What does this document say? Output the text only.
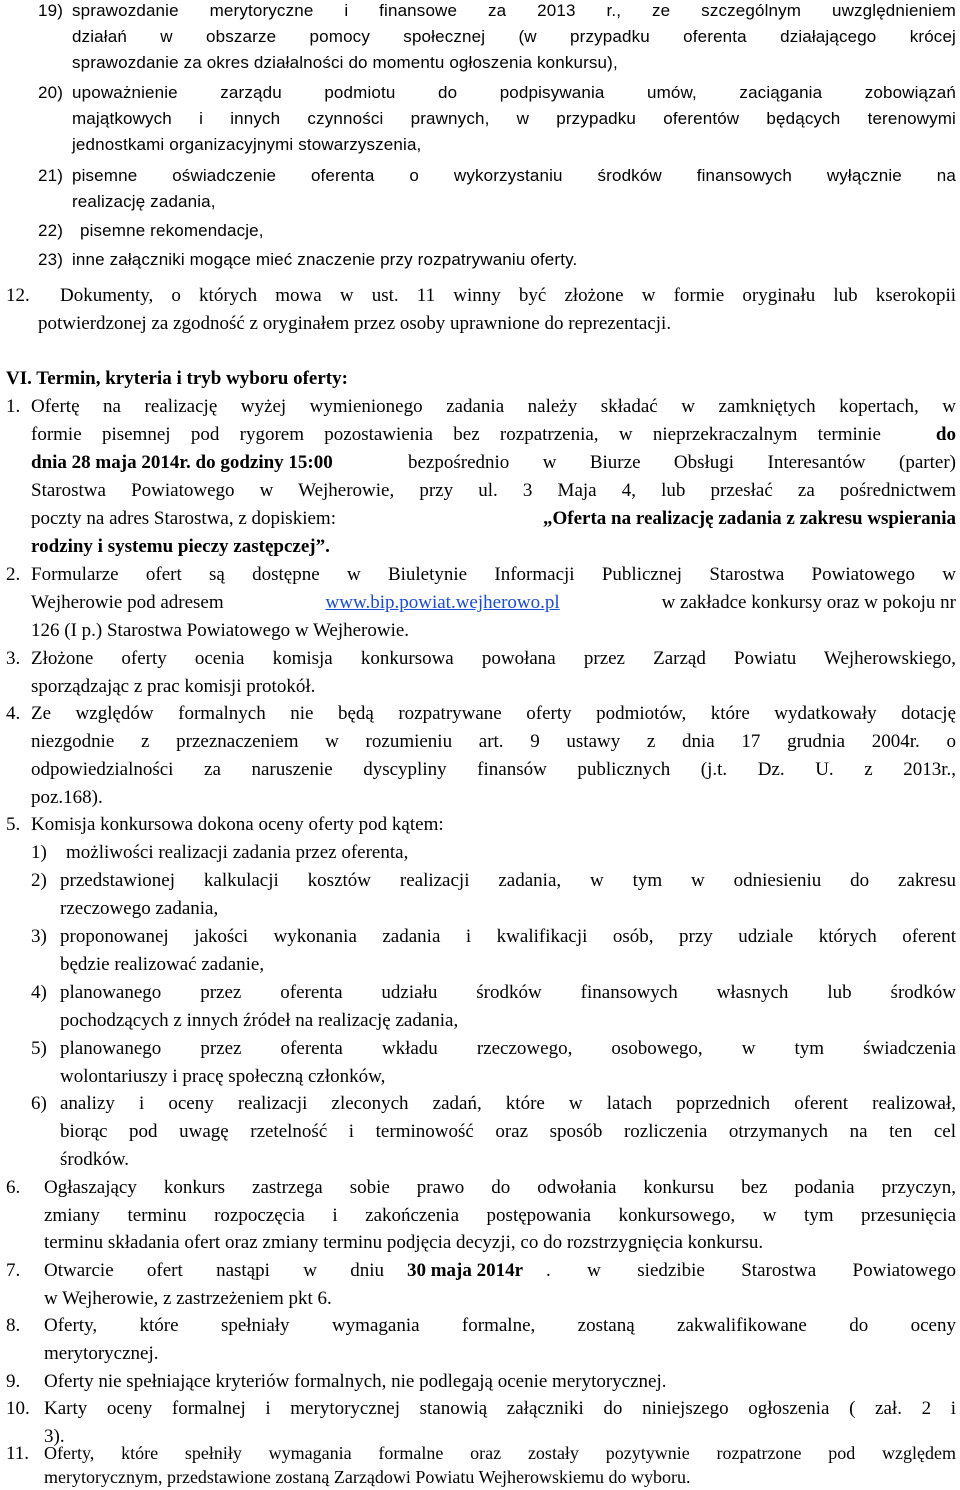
19) sprawozdanie merytoryczne i finansowe za 2013 r., ze szczególnym uwzględnieniem
działań w obszarze pomocy społecznej (w przypadku oferenta działającego krócej
sprawozdanie za okres działalności do momentu ogłoszenia konkursu),
20) upoważnienie zarządu podmiotu do podpisywania umów, zaciągania zobowiązań
majątkowych i innych czynności prawnych, w przypadku oferentów będących terenowymi
jednostkami organizacyjnymi stowarzyszenia,
21) pisemne oświadczenie oferenta o wykorzystaniu środków finansowych wyłącznie na
realizację zadania,
22) pisemne rekomendacje,
23) inne załączniki mogące mieć znaczenie przy rozpatrywaniu oferty.
12. Dokumenty, o których mowa w ust. 11 winny być złożone w formie oryginału lub kserokopii
potwierdzonej za zgodność z oryginałem przez osoby uprawnione do reprezentacji.
VI. Termin, kryteria i tryb wyboru oferty:
1. Ofertę na realizację wyżej wymienionego zadania należy składać w zamkniętych kopertach, w
formie pisemnej pod rygorem pozostawienia bez rozpatrzenia, w nieprzekraczalnym terminie	do
dnia 28 maja 2014r. do godziny 15:00	bezpośrednio w Biurze Obsługi Interesantów (parter)
Starostwa Powiatowego w Wejherowie, przy ul. 3 Maja 4, lub przesłać za pośrednictwem
poczty na adres Starostwa, z dopiskiem:	„Oferta na realizację zadania z zakresu wspierania
rodziny i systemu pieczy zastępczej”.
2. Formularze ofert są dostępne w Biuletynie Informacji Publicznej Starostwa Powiatowego w
Wejherowie pod adresem	www.bip.powiat.wejherowo.pl	w zakładce konkursy oraz w pokoju nr
126 (I p.) Starostwa Powiatowego w Wejherowie.
3. Złożone oferty ocenia komisja konkursowa powołana przez Zarząd Powiatu Wejherowskiego,
sporządzając z prac komisji protokół.
4. Ze względów formalnych nie będą rozpatrywane oferty podmiotów, które wydatkowały dotację
niezgodnie z przeznaczeniem w rozumieniu art. 9 ustawy z dnia 17 grudnia 2004r. o
odpowiedzialności za naruszenie dyscypliny finansów publicznych (j.t. Dz. U. z 2013r.,
poz.168).
5. Komisja konkursowa dokona oceny oferty pod kątem:
1) możliwości realizacji zadania przez oferenta,
2) przedstawionej kalkulacji kosztów realizacji zadania, w tym w odniesieniu do zakresu
rzeczowego zadania,
3) proponowanej jakości wykonania zadania i kwalifikacji osób, przy udziale których oferent
będzie realizować zadanie,
4) planowanego przez oferenta udziału środków finansowych własnych lub środków
pochodzących z innych źródeł na realizację zadania,
5) planowanego przez oferenta wkładu rzeczowego, osobowego, w tym świadczenia
wolontariuszy i pracę społeczną członków,
6) analizy i oceny realizacji zleconych zadań, które w latach poprzednich oferent realizował,
biorąc pod uwagę rzetelność i terminowość oraz sposób rozliczenia otrzymanych na ten cel
środków.
6. Ogłaszający konkurs zastrzega sobie prawo do odwołania konkursu bez podania przyczyn,
zmiany terminu rozpoczęcia i zakończenia postępowania konkursowego, w tym przesunięcia
terminu składania ofert oraz zmiany terminu podjęcia decyzji, co do rozstrzygnięcia konkursu.
7. Otwarcie ofert nastąpi w dniu 30 maja 2014r . w siedzibie Starostwa Powiatowego
w Wejherowie, z zastrzeżeniem pkt 6.
8. Oferty, które spełniały wymagania formalne, zostaną zakwalifikowane do oceny
merytorycznej.
9. Oferty nie spełniające kryteriów formalnych, nie podlegają ocenie merytorycznej.
10. Karty oceny formalnej i merytorycznej stanowią załączniki do niniejszego ogłoszenia ( zał. 2 i
3).
11. Oferty, które spełniły wymagania formalne oraz zostały pozytywnie rozpatrzone pod względem
merytorycznym, przedstawione zostaną Zarządowi Powiatu Wejherowskiemu do wyboru.
